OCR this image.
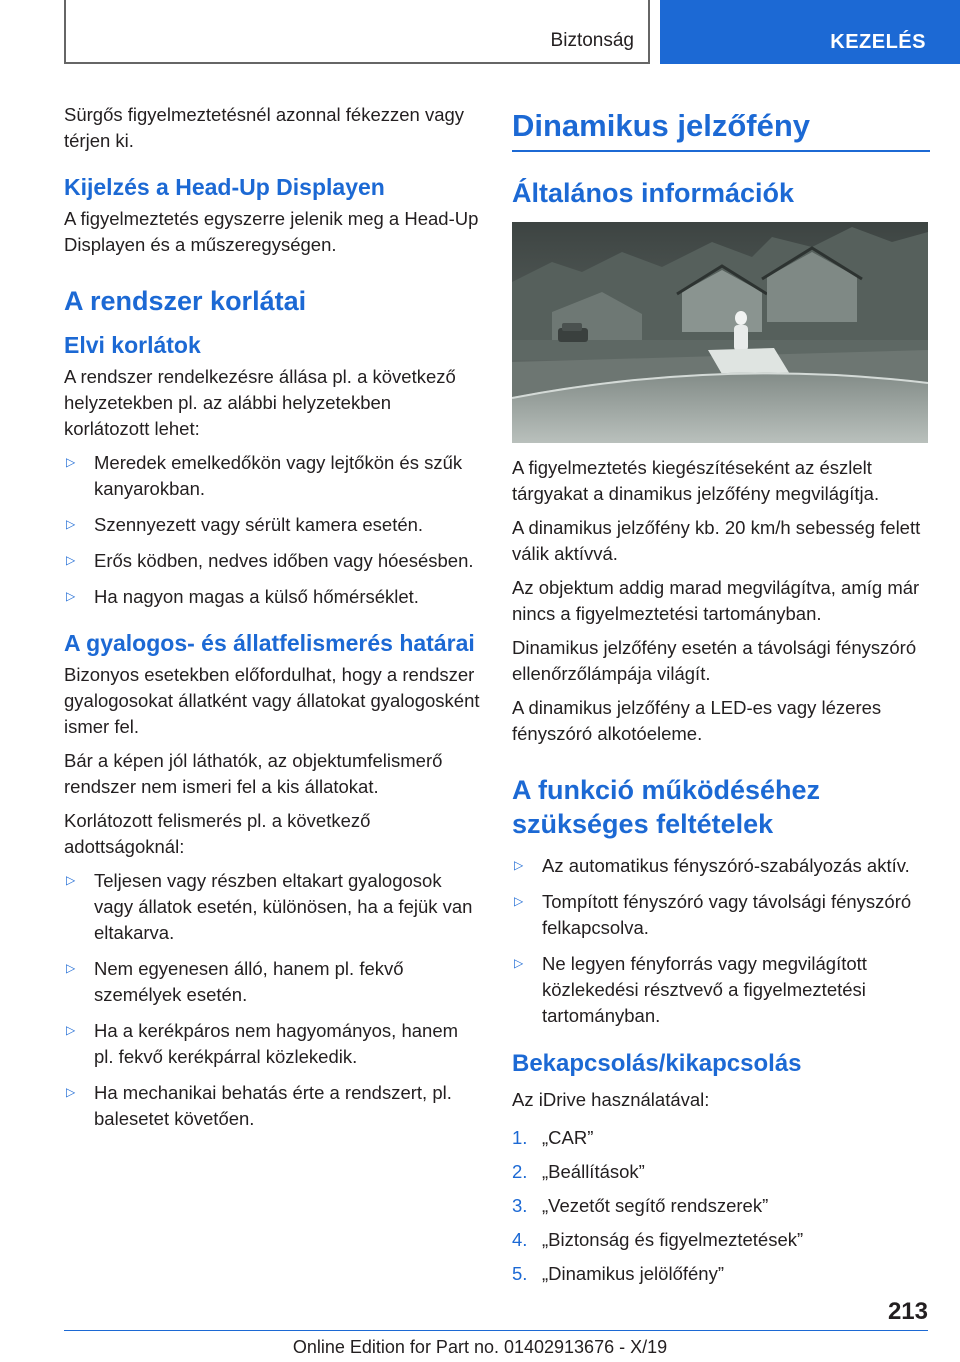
Biztonság	KEZELÉS

Sürgős figyelmeztetésnél azonnal fékezzen vagy térjen ki.

Kijelzés a Head-Up Displayen

A figyelmeztetés egyszerre jelenik meg a Head-Up Displayen és a műszeregységen.

A rendszer korlátai
Elvi korlátok

A rendszer rendelkezésre állása pl. a következő helyzetekben pl. az alábbi helyzetekben korlátozott lehet:

▷ Meredek emelkedőkön vagy lejtőkön és szűk kanyarokban.
▷ Szennyezett vagy sérült kamera esetén.
▷ Erős ködben, nedves időben vagy hóesésben.
▷ Ha nagyon magas a külső hőmérséklet.
A gyalogos- és állatfelismerés határai

Bizonyos esetekben előfordulhat, hogy a rendszer gyalogosokat állatként vagy állatokat gyalogosként ismer fel.

Bár a képen jól láthatók, az objektumfelismerő rendszer nem ismeri fel a kis állatokat.

Korlátozott felismerés pl. a következő adottságoknál:

▷ Teljesen vagy részben eltakart gyalogosok vagy állatok esetén, különösen, ha a fejük van eltakarva.
▷ Nem egyenesen álló, hanem pl. fekvő személyek esetén.
▷ Ha a kerékpáros nem hagyományos, hanem pl. fekvő kerékpárral közlekedik.
▷ Ha mechanikai behatás érte a rendszert, pl. balesetet követően.
Dinamikus jelzőfény
Általános információk

A figyelmeztetés kiegészítéseként az észlelt tárgyakat a dinamikus jelzőfény megvilágítja.

A dinamikus jelzőfény kb. 20 km/h sebesség felett válik aktívvá.

Az objektum addig marad megvilágítva, amíg már nincs a figyelmeztetési tartományban.

Dinamikus jelzőfény esetén a távolsági fényszóró ellenőrzőlámpája világít.

A dinamikus jelzőfény a LED-es vagy lézeres fényszóró alkotóeleme.

A funkció működéséhez szükséges feltételek
▷ Az automatikus fényszóró-szabályozás aktív.
▷ Tompított fényszóró vagy távolsági fényszóró felkapcsolva.
▷ Ne legyen fényforrás vagy megvilágított közlekedési résztvevő a figyelmeztetési tartományban.
Bekapcsolás/kikapcsolás

Az iDrive használatával:

1. „CAR”
2. „Beállítások”
3. „Vezetőt segítő rendszerek”
4. „Biztonság és figyelmeztetések”
5. „Dinamikus jelölőfény”
213
Online Edition for Part no. 01402913676 - X/19
